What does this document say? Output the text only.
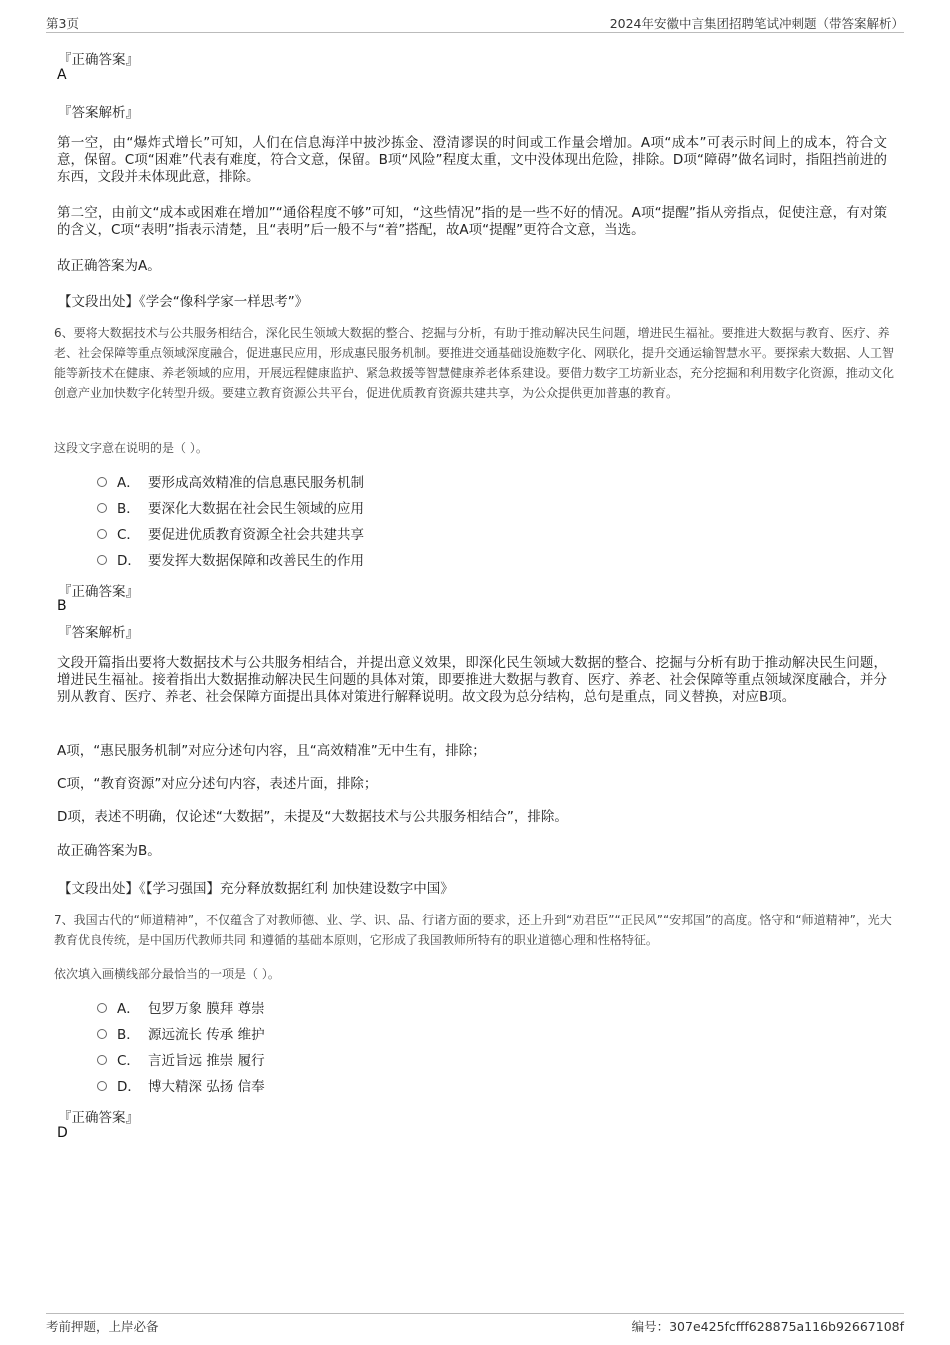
第3页	2024年安徽中言集团招聘笔试冲刺题（带答案解析）
『正确答案』
A
『答案解析』
第一空，由“爆炸式增长”可知，人们在信息海洋中披沙拣金、澄清谬误的时间或工作量会增加。A项“成本”可表示时间上的成本，符合文意，保留。C项“困难”代表有难度，符合文意，保留。B项“风险”程度太重，文中没体现出危险，排除。D项“障碍”做名词时，指阻挡前进的东西，文段并未体现此意，排除。
第二空，由前文“成本或困难在增加”“通俗程度不够”可知，“这些情况”指的是一些不好的情况。A项“提醒”指从旁指点，促使注意，有对策的含义，C项“表明”指表示清楚，且“表明”后一般不与“着”搭配，故A项“提醒”更符合文意，当选。
故正确答案为A。
【文段出处】《学会“像科学家一样思考”》
6、要将大数据技术与公共服务相结合，深化民生领域大数据的整合、挖掘与分析，有助于推动解决民生问题，增进民生福祉。要推进大数据与教育、医疗、养老、社会保障等重点领域深度融合，促进惠民应用，形成惠民服务机制。要推进交通基础设施数字化、网联化，提升交通运输智慧水平。要探索大数据、人工智能等新技术在健康、养老领域的应用，开展远程健康监护、紧急救援等智慧健康养老体系建设。要借力数字工坊新业态，充分挖掘和利用数字化资源，推动文化创意产业加快数字化转型升级。要建立教育资源公共平台，促进优质教育资源共建共享，为公众提供更加普惠的教育。
这段文字意在说明的是（ ）。
A． 要形成高效精准的信息惠民服务机制
B． 要深化大数据在社会民生领域的应用
C． 要促进优质教育资源全社会共建共享
D． 要发挥大数据保障和改善民生的作用
『正确答案』
B
『答案解析』
文段开篇指出要将大数据技术与公共服务相结合，并提出意义效果，即深化民生领域大数据的整合、挖掘与分析有助于推动解决民生问题，增进民生福祉。接着指出大数据推动解决民生问题的具体对策，即要推进大数据与教育、医疗、养老、社会保障等重点领域深度融合，并分别从教育、医疗、养老、社会保障方面提出具体对策进行解释说明。故文段为总分结构，总句是重点，同义替换，对应B项。
A项，“惠民服务机制”对应分述句内容，且“高效精准”无中生有，排除；
C项，“教育资源”对应分述句内容，表述片面，排除；
D项，表述不明确，仅论述“大数据”，未提及“大数据技术与公共服务相结合”，排除。
故正确答案为B。
【文段出处】《【学习强国】充分释放数据红利 加快建设数字中国》
7、我国古代的“师道精神”，不仅蕴含了对教师德、业、学、识、品、行诸方面的要求，还上升到“劝君臣”“正民风”“安邦国”的高度。恪守和“师道精神”，光大教育优良传统，是中国历代教师共同 和遵循的基础本原则，它形成了我国教师所特有的职业道德心理和性格特征。
依次填入画横线部分最恰当的一项是（ ）。
A． 包罗万象 膜拜 尊崇
B． 源远流长 传承 维护
C． 言近旨远 推崇 履行
D． 博大精深 弘扬 信奉
『正确答案』
D
考前押题，上岸必备	编号：307e425fcfff628875a116b92667108f
